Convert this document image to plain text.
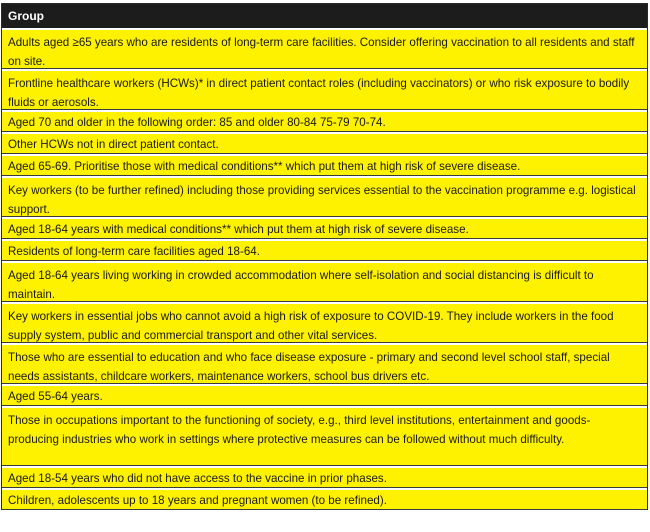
Group
Adults aged ≥65 years who are residents of long-term care facilities. Consider offering vaccination to all residents and staff on site.
Frontline healthcare workers (HCWs)* in direct patient contact roles (including vaccinators) or who risk exposure to bodily fluids or aerosols.
Aged 70 and older in the following order: 85 and older 80-84 75-79 70-74.
Other HCWs not in direct patient contact.
Aged 65-69. Prioritise those with medical conditions** which put them at high risk of severe disease.
Key workers (to be further refined) including those providing services essential to the vaccination programme e.g. logistical support.
Aged 18-64 years with medical conditions** which put them at high risk of severe disease.
Residents of long-term care facilities aged 18-64.
Aged 18-64 years living working in crowded accommodation where self-isolation and social distancing is difficult to maintain.
Key workers in essential jobs who cannot avoid a high risk of exposure to COVID-19. They include workers in the food supply system, public and commercial transport and other vital services.
Those who are essential to education and who face disease exposure - primary and second level school staff, special needs assistants, childcare workers, maintenance workers, school bus drivers etc.
Aged 55-64 years.
Those in occupations important to the functioning of society, e.g., third level institutions, entertainment and goods-producing industries who work in settings where protective measures can be followed without much difficulty.
Aged 18-54 years who did not have access to the vaccine in prior phases.
Children, adolescents up to 18 years and pregnant women (to be refined).
